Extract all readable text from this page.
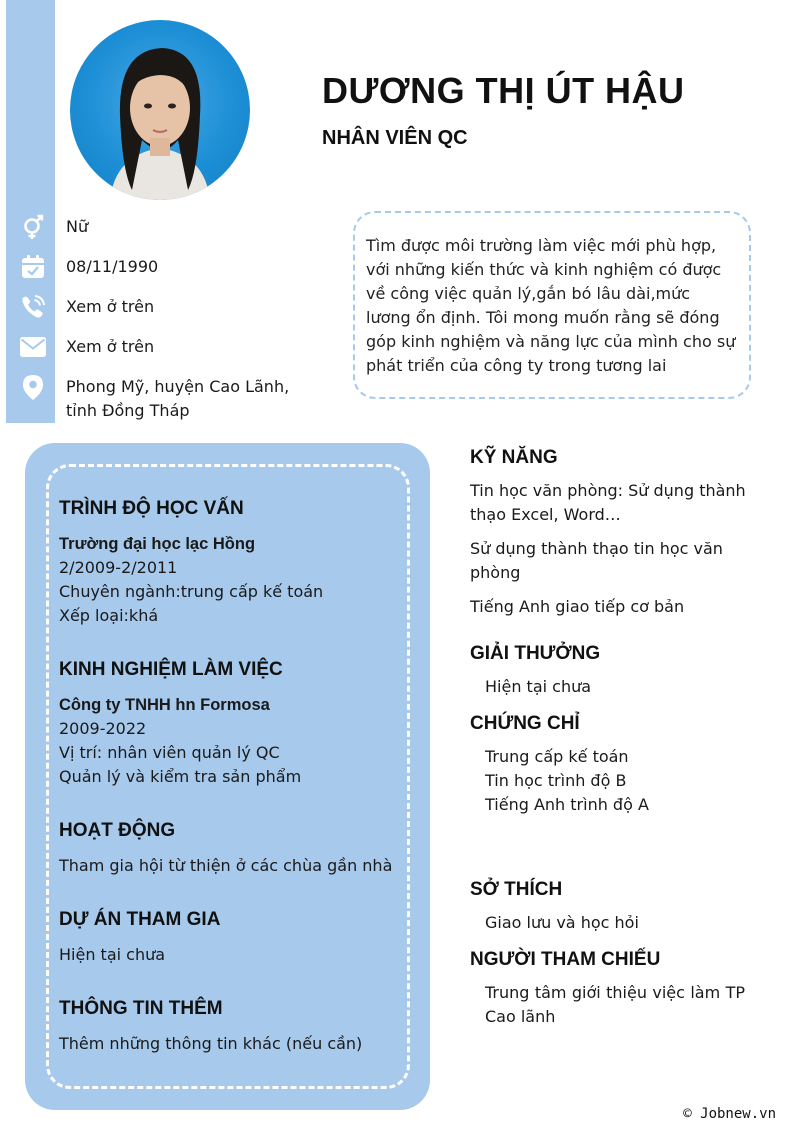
DƯƠNG THỊ ÚT HẬU
NHÂN VIÊN QC
Nữ
08/11/1990
Xem ở trên
Xem ở trên
Phong Mỹ, huyện Cao Lãnh, tỉnh Đồng Tháp
Tìm được môi trường làm việc mới phù hợp, với những kiến thức và kinh nghiệm có được về công việc quản lý,gắn bó lâu dài,mức lương ổn định. Tôi mong muốn rằng sẽ đóng góp kinh nghiệm và năng lực của mình cho sự phát triển của công ty trong tương lai
TRÌNH ĐỘ HỌC VẤN
Trường đại học lạc Hồng
2/2009-2/2011
Chuyên ngành:trung cấp kế toán
Xếp loại:khá
KINH NGHIỆM LÀM VIỆC
Công ty TNHH hn Formosa
2009-2022
Vị trí: nhân viên quản lý QC
Quản lý và kiểm tra sản phẩm
HOẠT ĐỘNG
Tham gia hội từ thiện ở các chùa gần nhà
DỰ ÁN THAM GIA
Hiện tại chưa
THÔNG TIN THÊM
Thêm những thông tin khác (nếu cần)
KỸ NĂNG
Tin học văn phòng: Sử dụng thành thạo Excel, Word…
Sử dụng thành thạo tin học văn phòng
Tiếng Anh giao tiếp cơ bản
GIẢI THƯỞNG
Hiện tại chưa
CHỨNG CHỈ
Trung cấp kế toán
Tin học trình độ B
Tiếng Anh trình độ A
SỞ THÍCH
Giao lưu và học hỏi
NGƯỜI THAM CHIẾU
Trung tâm giới thiệu việc làm TP Cao lãnh
© Jobnew.vn
